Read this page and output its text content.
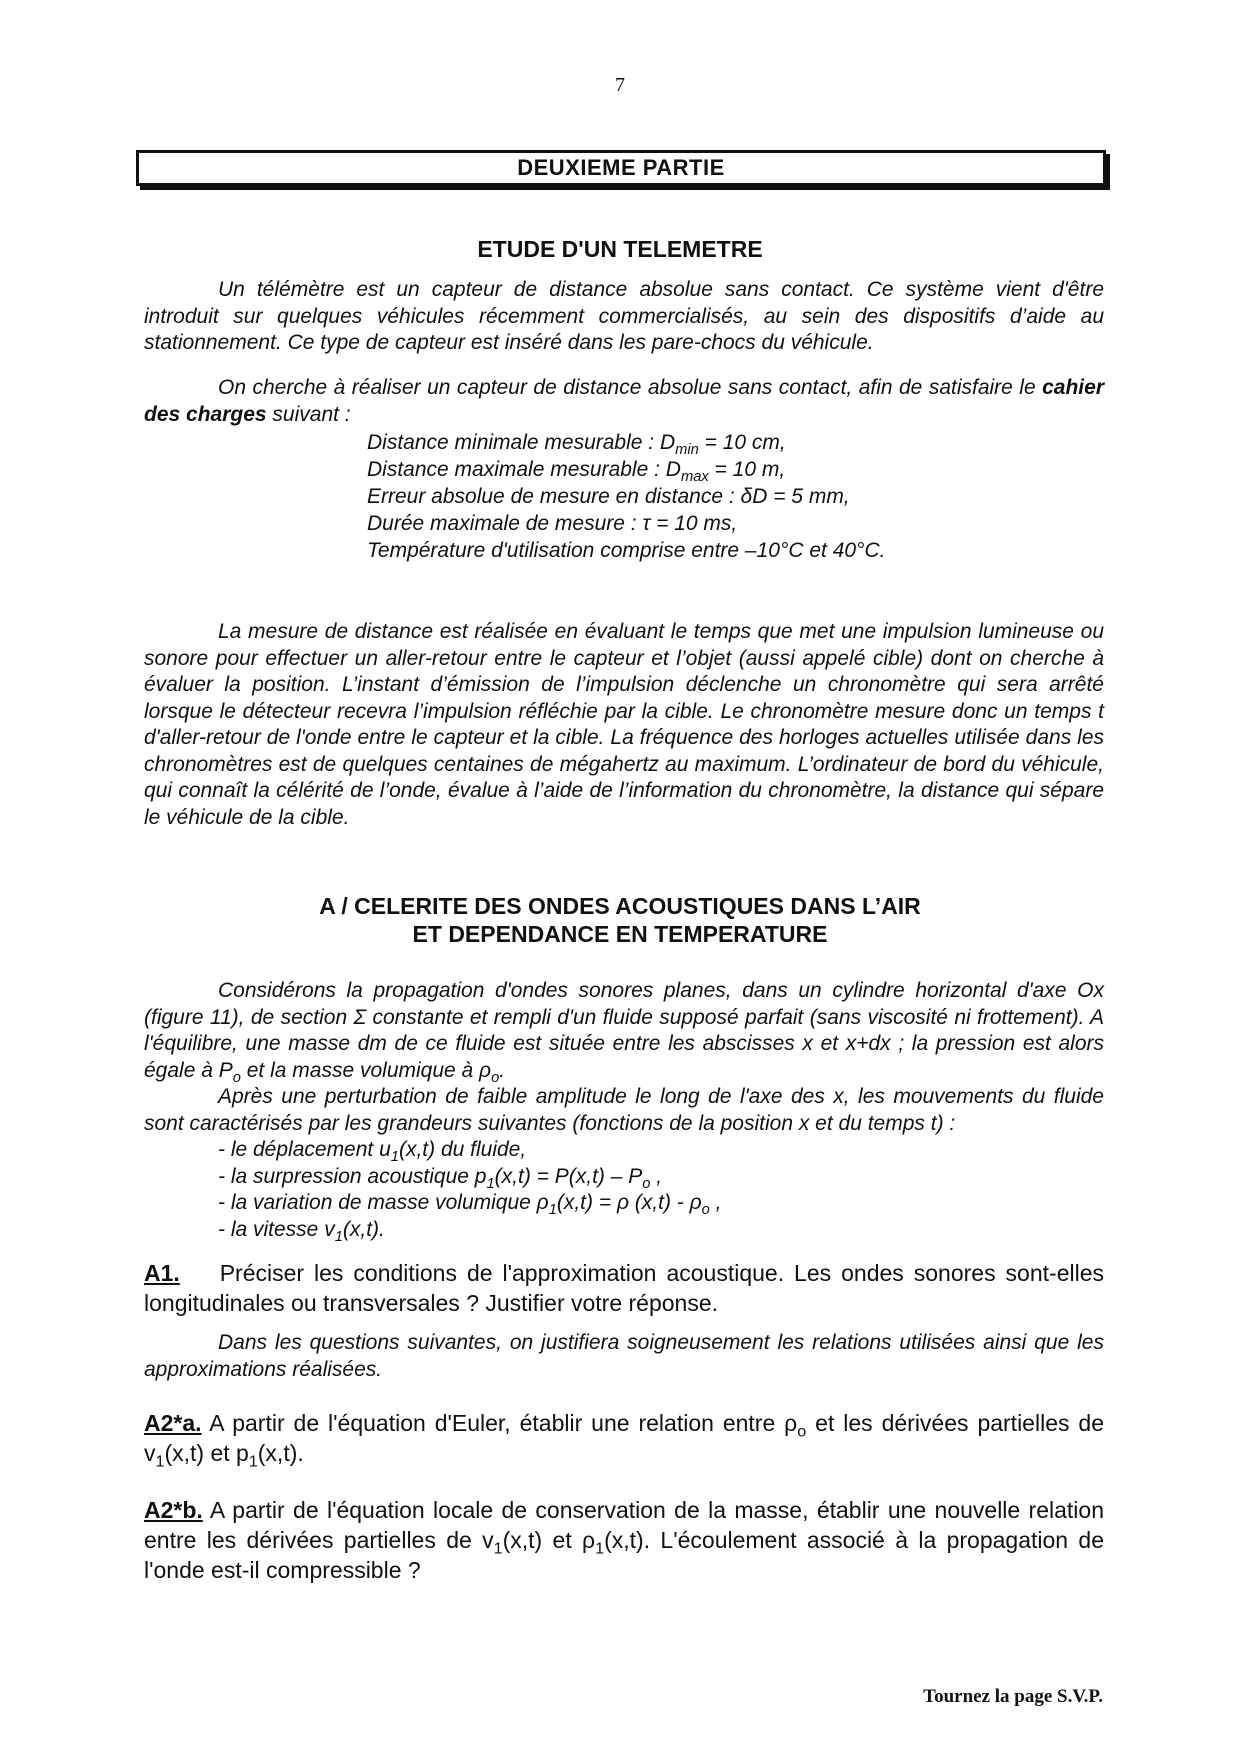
7
DEUXIEME PARTIE
ETUDE D'UN TELEMETRE
Un télémètre est un capteur de distance absolue sans contact. Ce système vient d'être introduit sur quelques véhicules récemment commercialisés, au sein des dispositifs d’aide au stationnement. Ce type de capteur est inséré dans les pare-chocs du véhicule.
On cherche à réaliser un capteur de distance absolue sans contact, afin de satisfaire le cahier des charges suivant :
Distance minimale mesurable : $D_{min} = 10$ cm,
Distance maximale mesurable : $D_{max} = 10$ m,
Erreur absolue de mesure en distance : δD = 5 mm,
Durée maximale de mesure : τ = 10 ms,
Température d'utilisation comprise entre –10°C et 40°C.
La mesure de distance est réalisée en évaluant le temps que met une impulsion lumineuse ou sonore pour effectuer un aller-retour entre le capteur et l’objet (aussi appelé cible) dont on cherche à évaluer la position. L’instant d’émission de l’impulsion déclenche un chronomètre qui sera arrêté lorsque le détecteur recevra l’impulsion réfléchie par la cible. Le chronomètre mesure donc un temps t d'aller-retour de l'onde entre le capteur et la cible. La fréquence des horloges actuelles utilisée dans les chronomètres est de quelques centaines de mégahertz au maximum. L’ordinateur de bord du véhicule, qui connaît la célérité de l’onde, évalue à l’aide de l’information du chronomètre, la distance qui sépare le véhicule de la cible.
A / CELERITE DES ONDES ACOUSTIQUES DANS L’AIR
ET DEPENDANCE EN TEMPERATURE
Considérons la propagation d'ondes sonores planes, dans un cylindre horizontal d'axe Ox (figure 11), de section Σ constante et rempli d'un fluide supposé parfait (sans viscosité ni frottement). A l'équilibre, une masse dm de ce fluide est située entre les abscisses x et x+dx ; la pression est alors égale à $P_o$ et la masse volumique à $\rho_o$.
Après une perturbation de faible amplitude le long de l'axe des x, les mouvements du fluide sont caractérisés par les grandeurs suivantes (fonctions de la position x et du temps t) :
- le déplacement $u_1(x,t)$ du fluide,
- la surpression acoustique $p_1(x,t) = P(x,t) - P_o$ ,
- la variation de masse volumique $\rho_1(x,t) = \rho$ $(x,t) - \rho_o$ ,
- la vitesse $v_1(x,t)$.
A1. Préciser les conditions de l'approximation acoustique. Les ondes sonores sont-elles longitudinales ou transversales ? Justifier votre réponse.
Dans les questions suivantes, on justifiera soigneusement les relations utilisées ainsi que les approximations réalisées.
A2*a. A partir de l'équation d'Euler, établir une relation entre $\rho_o$ et les dérivées partielles de $v_1(x,t)$ et $p_1(x,t)$.
A2*b. A partir de l'équation locale de conservation de la masse, établir une nouvelle relation entre les dérivées partielles de $v_1(x,t)$ et $\rho_1(x,t)$. L'écoulement associé à la propagation de l'onde est-il compressible ?
Tournez la page S.V.P.
